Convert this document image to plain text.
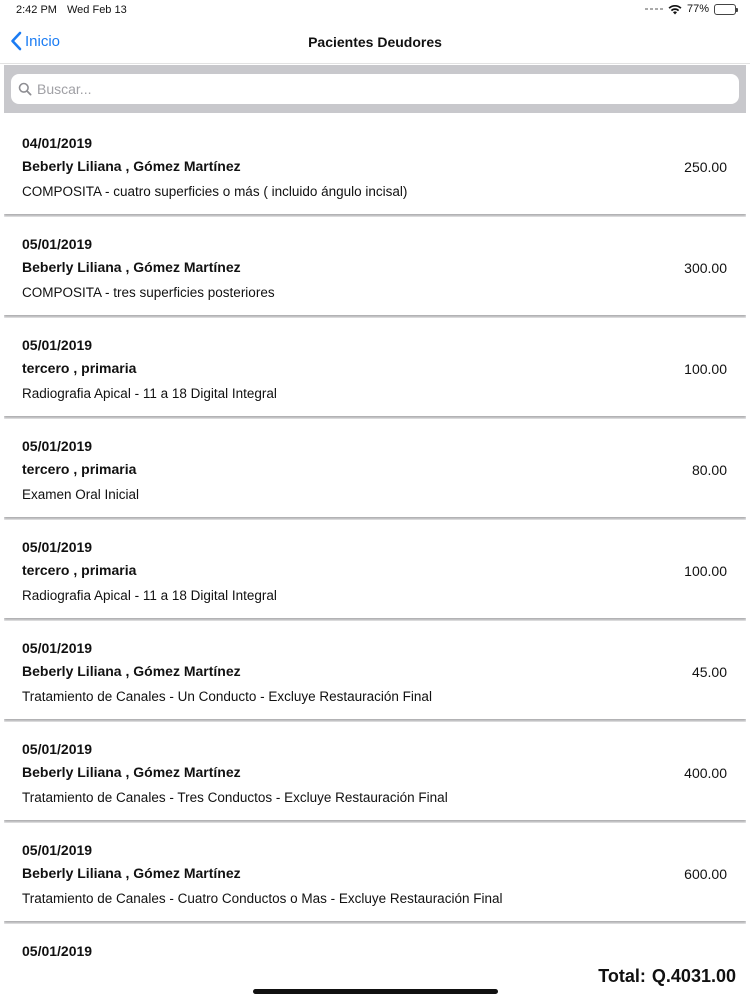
2:42 PM Wed Feb 13	77%
Inicio	Pacientes Deudores
Buscar...
04/01/2019
Beberly Liliana , Gómez Martínez
COMPOSITA - cuatro superficies o más ( incluido ángulo incisal)
250.00
05/01/2019
Beberly Liliana , Gómez Martínez
COMPOSITA - tres superficies posteriores
300.00
05/01/2019
tercero , primaria
Radiografia Apical - 11 a 18 Digital Integral
100.00
05/01/2019
tercero , primaria
Examen Oral Inicial
80.00
05/01/2019
tercero , primaria
Radiografia Apical - 11 a 18 Digital Integral
100.00
05/01/2019
Beberly Liliana , Gómez Martínez
Tratamiento de Canales - Un Conducto - Excluye Restauración Final
45.00
05/01/2019
Beberly Liliana , Gómez Martínez
Tratamiento de Canales - Tres Conductos - Excluye Restauración Final
400.00
05/01/2019
Beberly Liliana , Gómez Martínez
Tratamiento de Canales - Cuatro Conductos o Mas - Excluye Restauración Final
600.00
05/01/2019
Total: Q.4031.00
